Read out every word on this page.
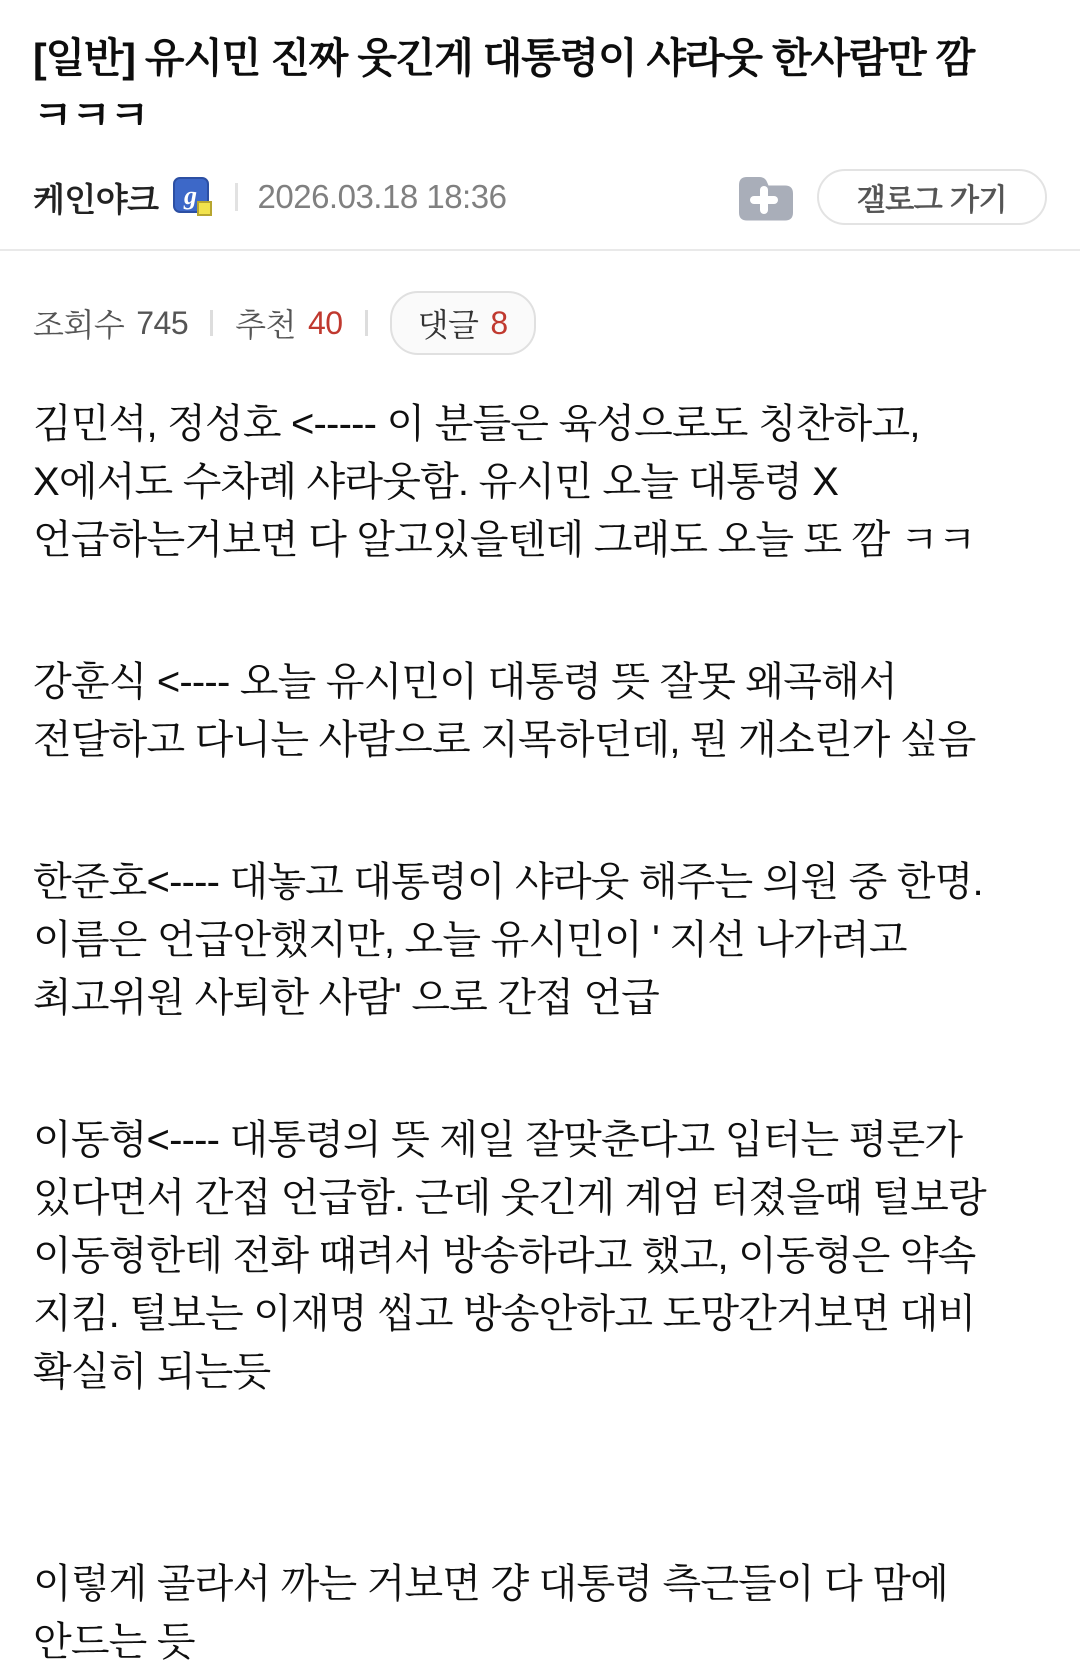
[일반] 유시민 진짜 웃긴게 대통령이 샤라웃 한사람만 깜 ㅋㅋㅋ
케인야크 g 2026.03.18 18:36	갤로그 가기
조회수 745 추천 40 댓글 8

김민석, 정성호 <----- 이 분들은 육성으로도 칭찬하고, X에서도 수차례 샤라웃함. 유시민 오늘 대통령 X 언급하는거보면 다 알고있을텐데 그래도 오늘 또 깜 ㅋㅋ

강훈식 <---- 오늘 유시민이 대통령 뜻 잘못 왜곡해서 전달하고 다니는 사람으로 지목하던데, 뭔 개소린가 싶음

한준호<---- 대놓고 대통령이 샤라웃 해주는 의원 중 한명. 이름은 언급안했지만, 오늘 유시민이 ' 지선 나가려고 최고위원 사퇴한 사람' 으로 간접 언급

이동형<---- 대통령의 뜻 제일 잘맞춘다고 입터는 평론가 있다면서 간접 언급함. 근데 웃긴게 계엄 터졌을떄 털보랑 이동형한테 전화 떄려서 방송하라고 했고, 이동형은 약속 지킴. 털보는 이재명 씹고 방송안하고 도망간거보면 대비 확실히 되는듯

이렇게 골라서 까는 거보면 걍 대통령 측근들이 다 맘에 안드는 듯
